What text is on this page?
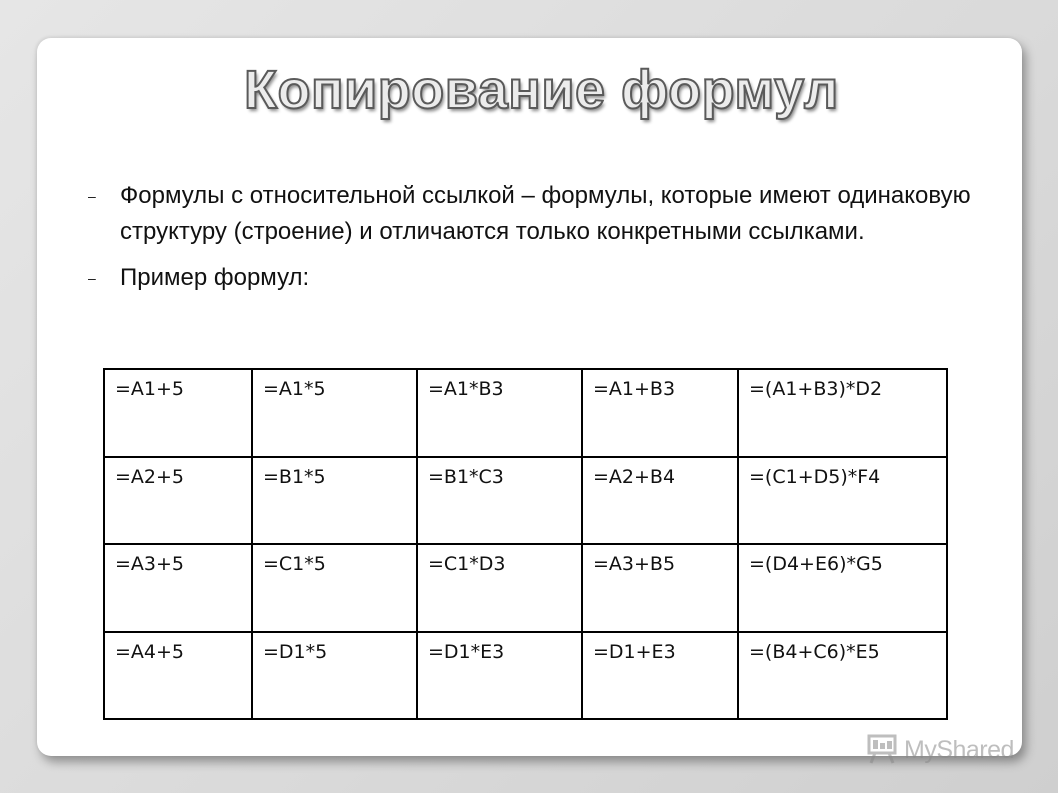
Копирование формул
– Формулы с относительной ссылкой – формулы, которые имеют одинаковую структуру (строение) и отличаются только конкретными ссылками.
– Пример формул:
=A1+5	=A1*5	=A1*B3	=A1+B3	=(A1+B3)*D2
=A2+5	=B1*5	=B1*C3	=A2+B4	=(C1+D5)*F4
=A3+5	=C1*5	=C1*D3	=A3+B5	=(D4+E6)*G5
=A4+5	=D1*5	=D1*E3	=D1+E3	=(B4+C6)*E5
MyShared
